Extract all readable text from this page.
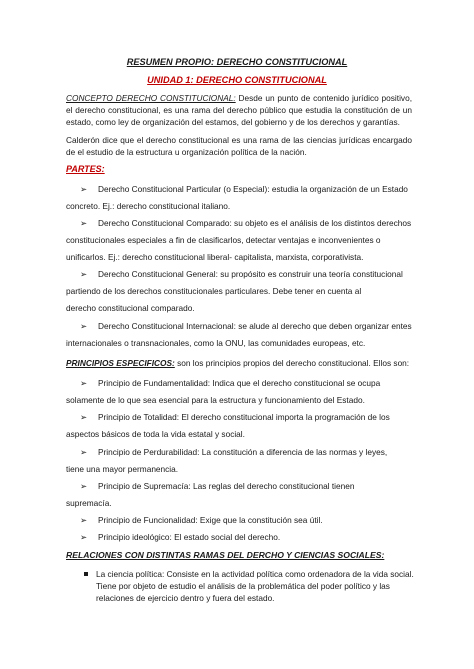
RESUMEN PROPIO: DERECHO CONSTITUCIONAL
UNIDAD 1: DERECHO CONSTITUCIONAL
CONCEPTO DERECHO CONSTITUCIONAL: Desde un punto de contenido jurídico positivo, el derecho constitucional, es una rama del derecho público que estudia la constitución de un estado, como ley de organización del estamos, del gobierno y de los derechos y garantías.
Calderón dice que el derecho constitucional es una rama de las ciencias jurídicas encargado de el estudio de la estructura u organización política de la nación.
PARTES:
➢ Derecho Constitucional Particular (o Especial): estudia la organización de un Estado
concreto. Ej.: derecho constitucional italiano.
➢ Derecho Constitucional Comparado: su objeto es el análisis de los distintos derechos
constitucionales especiales a fin de clasificarlos, detectar ventajas e inconvenientes o
unificarlos. Ej.: derecho constitucional liberal- capitalista, marxista, corporativista.
➢ Derecho Constitucional General: su propósito es construir una teoría constitucional
partiendo de los derechos constitucionales particulares. Debe tener en cuenta al
derecho constitucional comparado.
➢ Derecho Constitucional Internacional: se alude al derecho que deben organizar entes
internacionales o transnacionales, como la ONU, las comunidades europeas, etc.
PRINCIPIOS ESPECIFICOS: son los principios propios del derecho constitucional. Ellos son:
➢ Principio de Fundamentalidad: Indica que el derecho constitucional se ocupa
solamente de lo que sea esencial para la estructura y funcionamiento del Estado.
➢ Principio de Totalidad: El derecho constitucional importa la programación de los
aspectos básicos de toda la vida estatal y social.
➢ Principio de Perdurabilidad: La constitución a diferencia de las normas y leyes,
tiene una mayor permanencia.
➢ Principio de Supremacía: Las reglas del derecho constitucional tienen
supremacía.
➢ Principio de Funcionalidad: Exige que la constitución sea útil.
➢ Principio ideológico: El estado social del derecho.
RELACIONES CON DISTINTAS RAMAS DEL DERCHO Y CIENCIAS SOCIALES:
La ciencia política: Consiste en la actividad política como ordenadora de la vida social.
Tiene por objeto de estudio el análisis de la problemática del poder político y las
relaciones de ejercicio dentro y fuera del estado.
